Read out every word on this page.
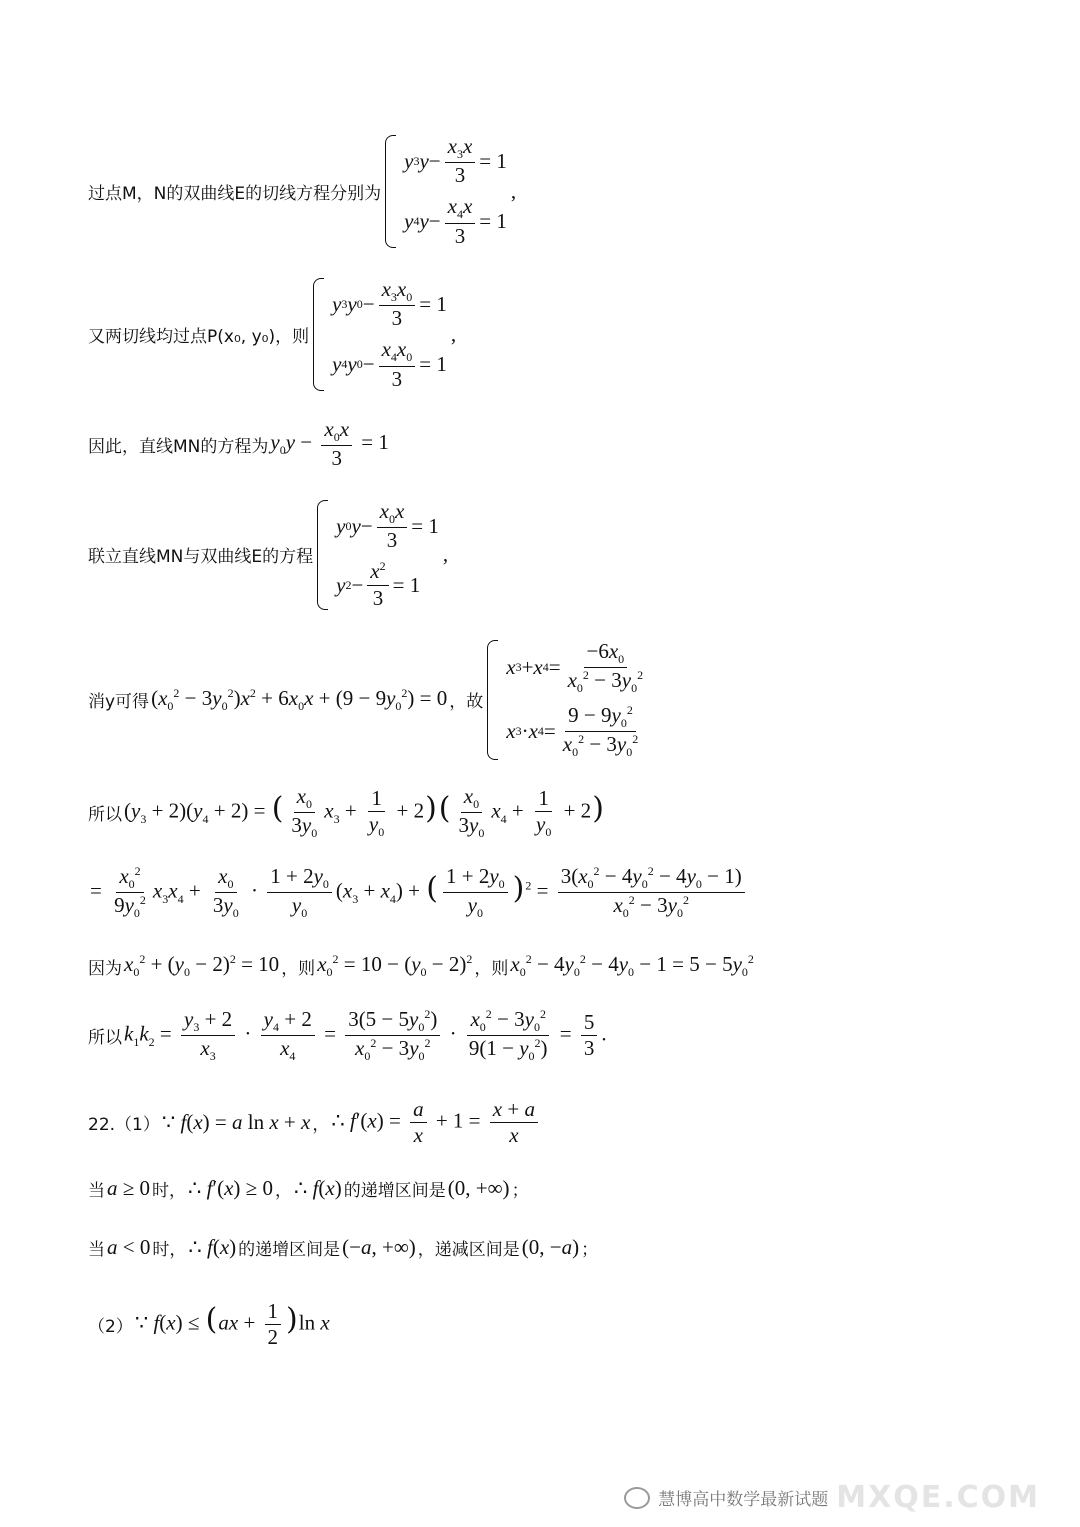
过点M，N的双曲线E的切线方程分别为
y 3 $y - \frac{x_3x}{3} = 1$
y 4 $y - \frac{x_4x}{3} = 1$
,
又两切线均过点P(x₀, y₀)，则
y 3 y $0 - \frac{x_3x_0}{3} = 1$
y 4 y $0 - \frac{x_4x_0}{3} = 1$
,
因此，直线MN的方程为 $y_0y - \frac{x_0x}{3} = 1$
联立直线MN与双曲线E的方程
y 0 $y - \frac{x_0x}{3} = 1$
y $2 - \frac{x^2}{3} = 1$
,
消y可得 $(x_0^2 - 3y_0^2)x^2 + 6x_0x + (9 - 9y_0^2) = 0$ ，故
x 3 + x $4 = \frac{-6x_0}{x_0^2 - 3y_0^2}$
x 3 · x $4 = \frac{9 - 9y_0^2}{x_0^2 - 3y_0^2}$
所以 $(y_3 + 2)(y_4 + 2)$ = ( $\frac{x_0}{3y_0} x_3 + \frac{1}{y_0} + 2)( \frac{x_0}{3y_0} x_4 + \frac{1}{y_0} + 2)$
= $\frac{x_0^2}{9y_0^2} x_3x_4 + \frac{x_0}{3y_0} \cdot \frac{1 + 2y_0}{y_0} (x_3 + x_4)$ + ( $\frac{1 + 2y_0}{y_0} )^2 = \frac{3(x_0^2 - 4y_0^2 - 4y_0 - 1)}{x_0^2 - 3y_0^2}$
因为 $x_0^2 + (y_0 - 2)^2 = 10$ ，则 $x_0^2 = 10 - (y_0 - 2)^2$ ，则 $x_0^2 - 4y_0^2 - 4y_0 - 1 = 5 - 5y_0^2$
所以 $k_1k_2 = \frac{y_3 + 2}{x_3} \cdot \frac{y_4 + 2}{x_4} = \frac{3(5 - 5y_0^2)}{x_0^2 - 3y_0^2} \cdot \frac{x_0^2 - 3y_0^2}{9(1 - y_0^2)} = \frac{5}{3}$ .
22.（1） ∵ f(x) = a ln x + x ， ∴ $f'(x) = \frac{a}{x} + 1 = \frac{x + a}{x}$
当 a ≥ 0 时， ∴ f′(x) ≥ 0 ， ∴ f(x) 的递增区间是 (0, +∞) ；
当 a < 0 时， ∴ f(x) 的递增区间是 (−a, +∞) ，递减区间是 (0, −a) ；
（2） ∵ $f(x) \le (ax + \frac{1}{2} )\ln$ x
慧博高中数学最新试题 MXQE.COM
